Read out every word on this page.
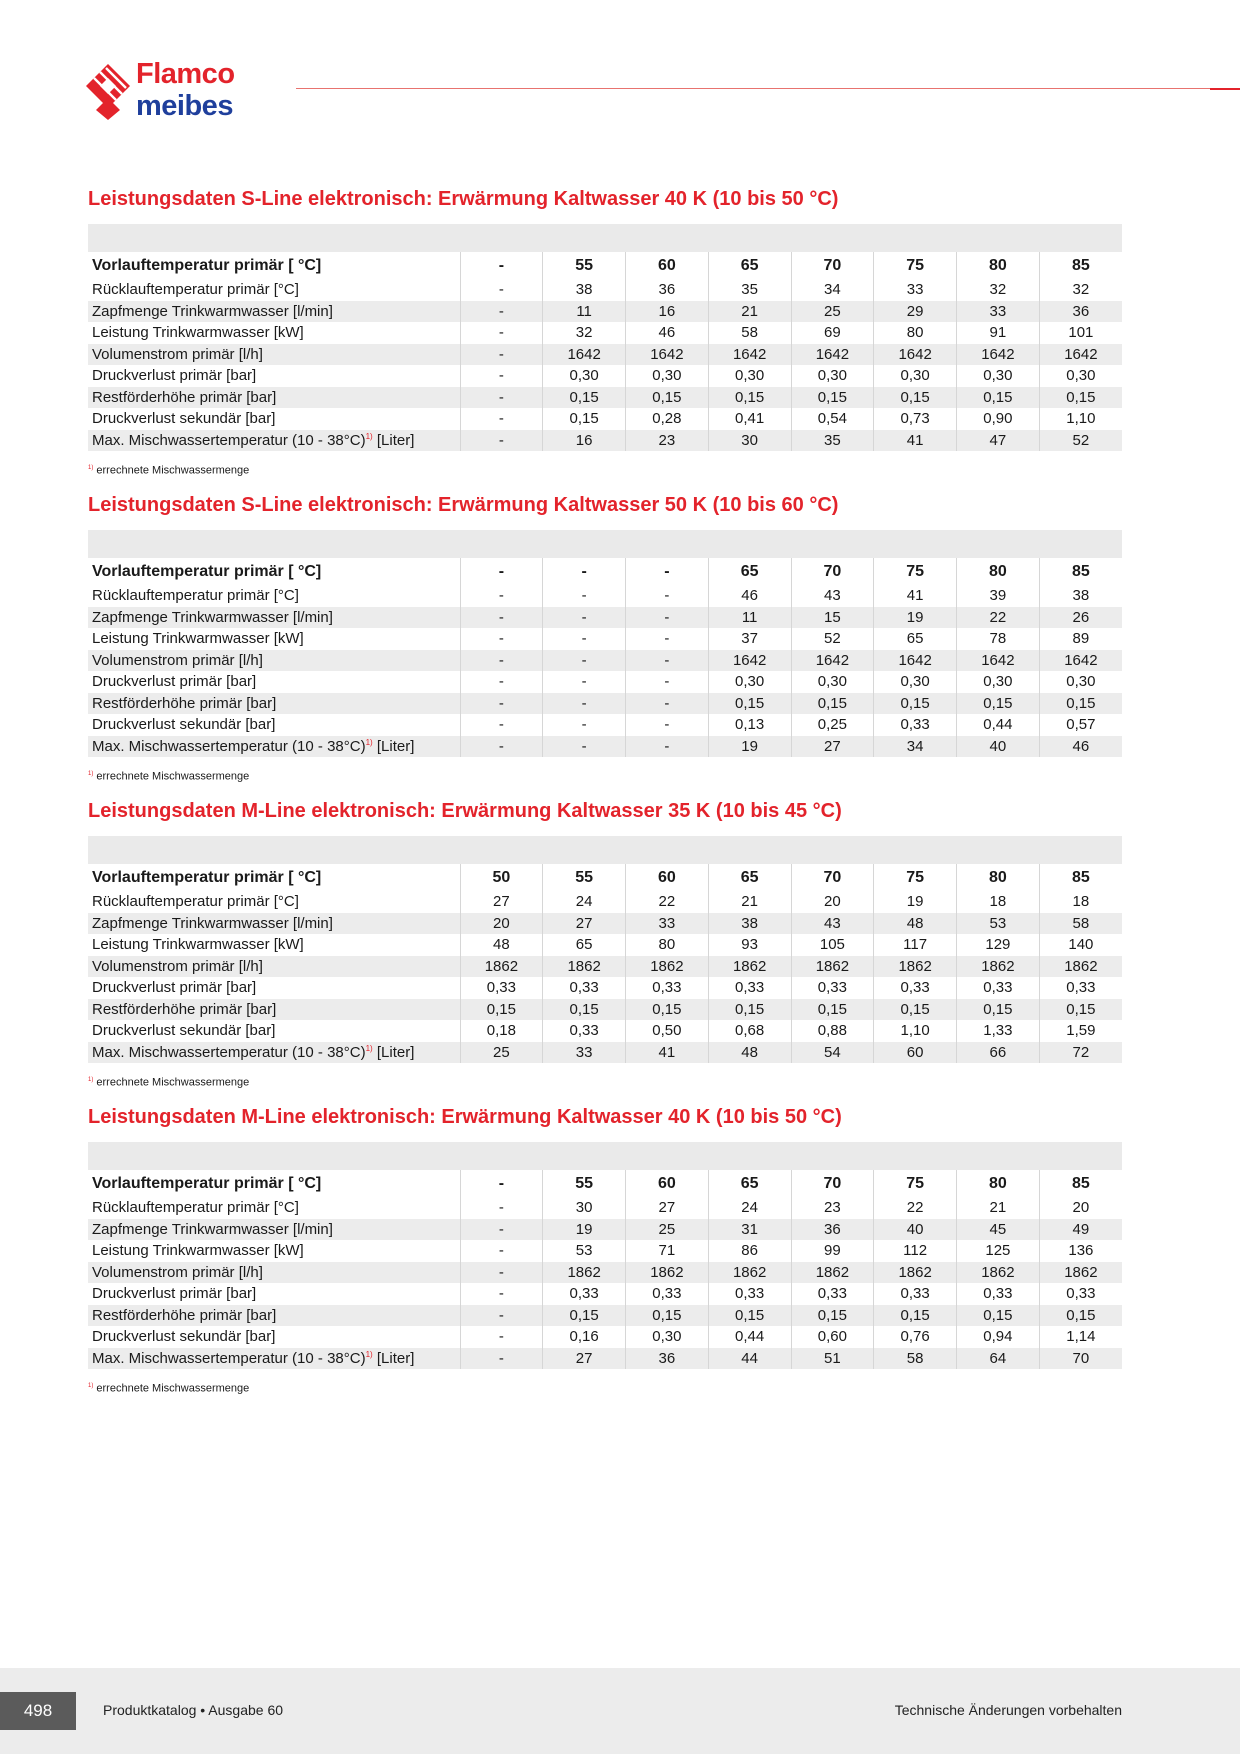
Flamco
meibes
Leistungsdaten S-Line elektronisch: Erwärmung Kaltwasser 40 K (10 bis 50 °C)
Vorlauftemperatur primär [ °C]	-	55	60	65	70	75	80	85
Rücklauftemperatur primär [°C]	-	38	36	35	34	33	32	32
Zapfmenge Trinkwarmwasser [l/min]	-	11	16	21	25	29	33	36
Leistung Trinkwarmwasser [kW]	-	32	46	58	69	80	91	101
Volumenstrom primär [l/h]	-	1642	1642	1642	1642	1642	1642	1642
Druckverlust primär [bar]	-	0,30	0,30	0,30	0,30	0,30	0,30	0,30
Restförderhöhe primär [bar]	-	0,15	0,15	0,15	0,15	0,15	0,15	0,15
Druckverlust sekundär [bar]	-	0,15	0,28	0,41	0,54	0,73	0,90	1,10
Max. Mischwassertemperatur (10 - 38°C)$^{1)}$ [Liter]	-	16	23	30	35	41	47	52
$^{1)}$ errechnete Mischwassermenge
Leistungsdaten S-Line elektronisch: Erwärmung Kaltwasser 50 K (10 bis 60 °C)
Vorlauftemperatur primär [ °C]	-	-	-	65	70	75	80	85
Rücklauftemperatur primär [°C]	-	-	-	46	43	41	39	38
Zapfmenge Trinkwarmwasser [l/min]	-	-	-	11	15	19	22	26
Leistung Trinkwarmwasser [kW]	-	-	-	37	52	65	78	89
Volumenstrom primär [l/h]	-	-	-	1642	1642	1642	1642	1642
Druckverlust primär [bar]	-	-	-	0,30	0,30	0,30	0,30	0,30
Restförderhöhe primär [bar]	-	-	-	0,15	0,15	0,15	0,15	0,15
Druckverlust sekundär [bar]	-	-	-	0,13	0,25	0,33	0,44	0,57
Max. Mischwassertemperatur (10 - 38°C)$^{1)}$ [Liter]	-	-	-	19	27	34	40	46
$^{1)}$ errechnete Mischwassermenge
Leistungsdaten M-Line elektronisch: Erwärmung Kaltwasser 35 K (10 bis 45 °C)
Vorlauftemperatur primär [ °C]	50	55	60	65	70	75	80	85
Rücklauftemperatur primär [°C]	27	24	22	21	20	19	18	18
Zapfmenge Trinkwarmwasser [l/min]	20	27	33	38	43	48	53	58
Leistung Trinkwarmwasser [kW]	48	65	80	93	105	117	129	140
Volumenstrom primär [l/h]	1862	1862	1862	1862	1862	1862	1862	1862
Druckverlust primär [bar]	0,33	0,33	0,33	0,33	0,33	0,33	0,33	0,33
Restförderhöhe primär [bar]	0,15	0,15	0,15	0,15	0,15	0,15	0,15	0,15
Druckverlust sekundär [bar]	0,18	0,33	0,50	0,68	0,88	1,10	1,33	1,59
Max. Mischwassertemperatur (10 - 38°C)$^{1)}$ [Liter]	25	33	41	48	54	60	66	72
$^{1)}$ errechnete Mischwassermenge
Leistungsdaten M-Line elektronisch: Erwärmung Kaltwasser 40 K (10 bis 50 °C)
Vorlauftemperatur primär [ °C]	-	55	60	65	70	75	80	85
Rücklauftemperatur primär [°C]	-	30	27	24	23	22	21	20
Zapfmenge Trinkwarmwasser [l/min]	-	19	25	31	36	40	45	49
Leistung Trinkwarmwasser [kW]	-	53	71	86	99	112	125	136
Volumenstrom primär [l/h]	-	1862	1862	1862	1862	1862	1862	1862
Druckverlust primär [bar]	-	0,33	0,33	0,33	0,33	0,33	0,33	0,33
Restförderhöhe primär [bar]	-	0,15	0,15	0,15	0,15	0,15	0,15	0,15
Druckverlust sekundär [bar]	-	0,16	0,30	0,44	0,60	0,76	0,94	1,14
Max. Mischwassertemperatur (10 - 38°C)$^{1)}$ [Liter]	-	27	36	44	51	58	64	70
$^{1)}$ errechnete Mischwassermenge
498	Produktkatalog • Ausgabe 60	Technische Änderungen vorbehalten
